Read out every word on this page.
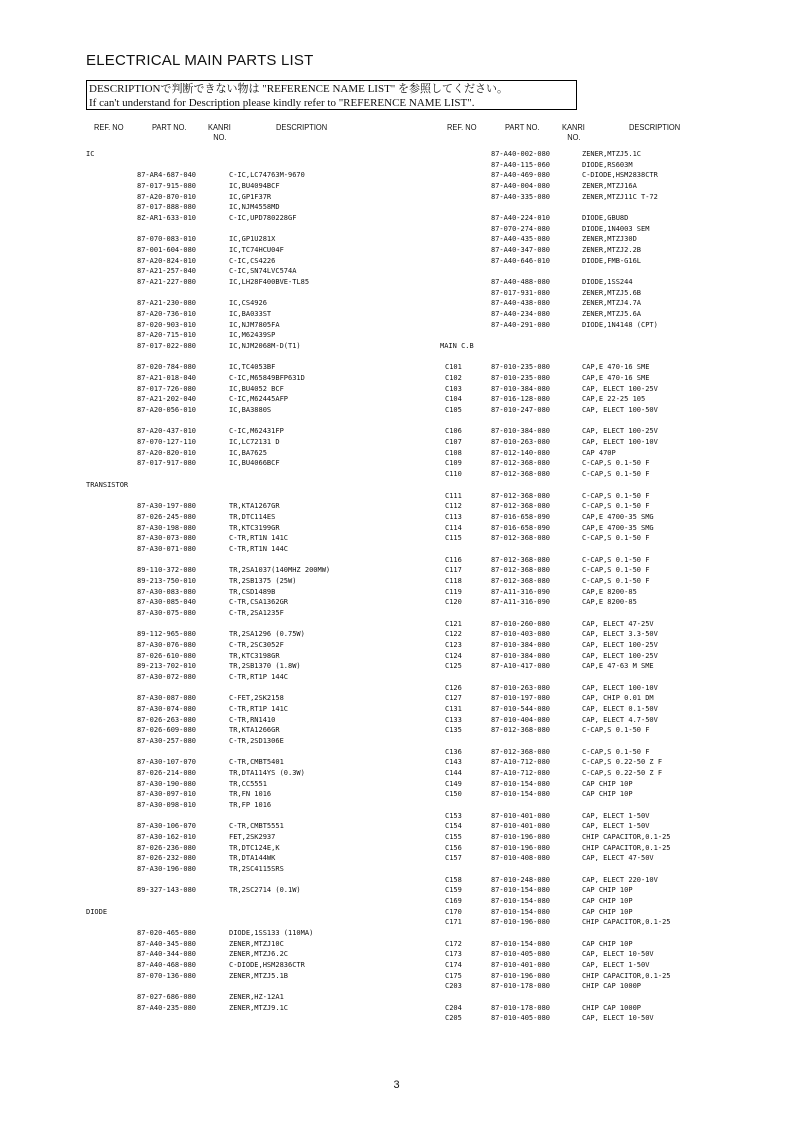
ELECTRICAL MAIN PARTS LIST
DESCRIPTIONで判断できない物は "REFERENCE NAME LIST" を参照してください。
If can't understand for Description please kindly refer to "REFERENCE NAME LIST".
REF. NO	PART NO.	KANRI
NO.
DESCRIPTION	REF. NO	PART NO.	KANRI
NO.
DESCRIPTION
IC
87-AR4-687-040	C-IC,LC74763M-9670
87-017-915-080	IC,BU4094BCF
87-A20-870-010	IC,GP1F37R
87-017-888-080	IC,NJM4558MD
8Z-AR1-633-010	C-IC,UPD780228GF
87-070-083-010	IC,GP1U281X
87-001-604-080	IC,TC74HCU04F
87-A20-824-010	C-IC,CS4226
87-A21-257-040	C-IC,SN74LVC574A
87-A21-227-080	IC,LH28F400BVE-TL85
87-A21-230-080	IC,CS4926
87-A20-736-010	IC,BA033ST
87-020-903-010	IC,NJM7805FA
87-A20-715-010	IC,M62439SP
87-017-022-080	IC,NJM2068M-D(T1)
87-020-784-080	IC,TC4053BF
87-A21-018-040	C-IC,M65849BFP631D
87-017-726-080	IC,BU4052 BCF
87-A21-202-040	C-IC,M62445AFP
87-A20-056-010	IC,BA3880S
87-A20-437-010	C-IC,M62431FP
87-070-127-110	IC,LC72131 D
87-A20-820-010	IC,BA7625
87-017-917-080	IC,BU4066BCF
TRANSISTOR
87-A30-197-080	TR,KTA1267GR
87-026-245-080	TR,DTC114ES
87-A30-198-080	TR,KTC3199GR
87-A30-073-080	C-TR,RT1N 141C
87-A30-071-080	C-TR,RT1N 144C
89-110-372-080	TR,2SA1037(140MHZ 200MW)
89-213-750-010	TR,2SB1375 (25W)
87-A30-083-080	TR,CSD1489B
87-A30-085-040	C-TR,CSA1362GR
87-A30-075-080	C-TR,2SA1235F
89-112-965-080	TR,2SA1296 (0.75W)
87-A30-076-080	C-TR,2SC3052F
87-026-610-080	TR,KTC3198GR
89-213-702-010	TR,2SB1370 (1.8W)
87-A30-072-080	C-TR,RT1P 144C
87-A30-087-080	C-FET,2SK2158
87-A30-074-080	C-TR,RT1P 141C
87-026-263-080	C-TR,RN1410
87-026-609-080	TR,KTA1266GR
87-A30-257-080	C-TR,2SD1306E
87-A30-107-070	C-TR,CMBT5401
87-026-214-080	TR,DTA114YS (0.3W)
87-A30-190-080	TR,CC5551
87-A30-097-010	TR,FN 1016
87-A30-098-010	TR,FP 1016
87-A30-106-070	C-TR,CMBT5551
87-A30-162-010	FET,2SK2937
87-026-236-080	TR,DTC124E,K
87-026-232-080	TR,DTA144WK
87-A30-196-080	TR,2SC4115SRS
89-327-143-080	TR,2SC2714 (0.1W)
DIODE
87-020-465-080	DIODE,1SS133 (110MA)
87-A40-345-080	ZENER,MTZJ10C
87-A40-344-080	ZENER,MTZJ6.2C
87-A40-468-080	C-DIODE,HSM2836CTR
87-070-136-080	ZENER,MTZJ5.1B
87-027-686-080	ZENER,HZ-12A1
87-A40-235-080	ZENER,MTZJ9.1C
87-A40-002-080	ZENER,MTZJ5.1C
87-A40-115-060	DIODE,RS603M
87-A40-469-080	C-DIODE,HSM2838CTR
87-A40-004-080	ZENER,MTZJ16A
87-A40-335-080	ZENER,MTZJ11C T-72
87-A40-224-010	DIODE,GBU8D
87-070-274-080	DIODE,1N4003 SEM
87-A40-435-080	ZENER,MTZJ30D
87-A40-347-080	ZENER,MTZJ2.2B
87-A40-646-010	DIODE,FMB-G16L
87-A40-488-080	DIODE,1SS244
87-017-931-080	ZENER,MTZJ5.6B
87-A40-438-080	ZENER,MTZJ4.7A
87-A40-234-080	ZENER,MTZJ5.6A
87-A40-291-080	DIODE,1N4148 (CPT)
MAIN C.B
C101	87-010-235-080	CAP,E 470-16 SME
C102	87-010-235-080	CAP,E 470-16 SME
C103	87-010-384-080	CAP, ELECT 100-25V
C104	87-016-128-080	CAP,E 22-25 105
C105	87-010-247-080	CAP, ELECT 100-50V
C106	87-010-384-080	CAP, ELECT 100-25V
C107	87-010-263-080	CAP, ELECT 100-10V
C108	87-012-140-080	CAP 470P
C109	87-012-368-080	C-CAP,S 0.1-50 F
C110	87-012-368-080	C-CAP,S 0.1-50 F
C111	87-012-368-080	C-CAP,S 0.1-50 F
C112	87-012-368-080	C-CAP,S 0.1-50 F
C113	87-016-658-090	CAP,E 4700-35 SMG
C114	87-016-658-090	CAP,E 4700-35 SMG
C115	87-012-368-080	C-CAP,S 0.1-50 F
C116	87-012-368-080	C-CAP,S 0.1-50 F
C117	87-012-368-080	C-CAP,S 0.1-50 F
C118	87-012-368-080	C-CAP,S 0.1-50 F
C119	87-A11-316-090	CAP,E 8200-85
C120	87-A11-316-090	CAP,E 8200-85
C121	87-010-260-080	CAP, ELECT 47-25V
C122	87-010-403-080	CAP, ELECT 3.3-50V
C123	87-010-384-080	CAP, ELECT 100-25V
C124	87-010-384-080	CAP, ELECT 100-25V
C125	87-A10-417-080	CAP,E 47-63 M SME
C126	87-010-263-080	CAP, ELECT 100-10V
C127	87-010-197-080	CAP, CHIP 0.01 DM
C131	87-010-544-080	CAP, ELECT 0.1-50V
C133	87-010-404-080	CAP, ELECT 4.7-50V
C135	87-012-368-080	C-CAP,S 0.1-50 F
C136	87-012-368-080	C-CAP,S 0.1-50 F
C143	87-A10-712-080	C-CAP,S 0.22-50 Z F
C144	87-A10-712-080	C-CAP,S 0.22-50 Z F
C149	87-010-154-080	CAP CHIP 10P
C150	87-010-154-080	CAP CHIP 10P
C153	87-010-401-080	CAP, ELECT 1-50V
C154	87-010-401-080	CAP, ELECT 1-50V
C155	87-010-196-080	CHIP CAPACITOR,0.1-25
C156	87-010-196-080	CHIP CAPACITOR,0.1-25
C157	87-010-408-080	CAP, ELECT 47-50V
C158	87-010-248-080	CAP, ELECT 220-10V
C159	87-010-154-080	CAP CHIP 10P
C169	87-010-154-080	CAP CHIP 10P
C170	87-010-154-080	CAP CHIP 10P
C171	87-010-196-080	CHIP CAPACITOR,0.1-25
C172	87-010-154-080	CAP CHIP 10P
C173	87-010-405-080	CAP, ELECT 10-50V
C174	87-010-401-080	CAP, ELECT 1-50V
C175	87-010-196-080	CHIP CAPACITOR,0.1-25
C203	87-010-178-080	CHIP CAP 1000P
C204	87-010-178-080	CHIP CAP 1000P
C205	87-010-405-080	CAP, ELECT 10-50V
3
